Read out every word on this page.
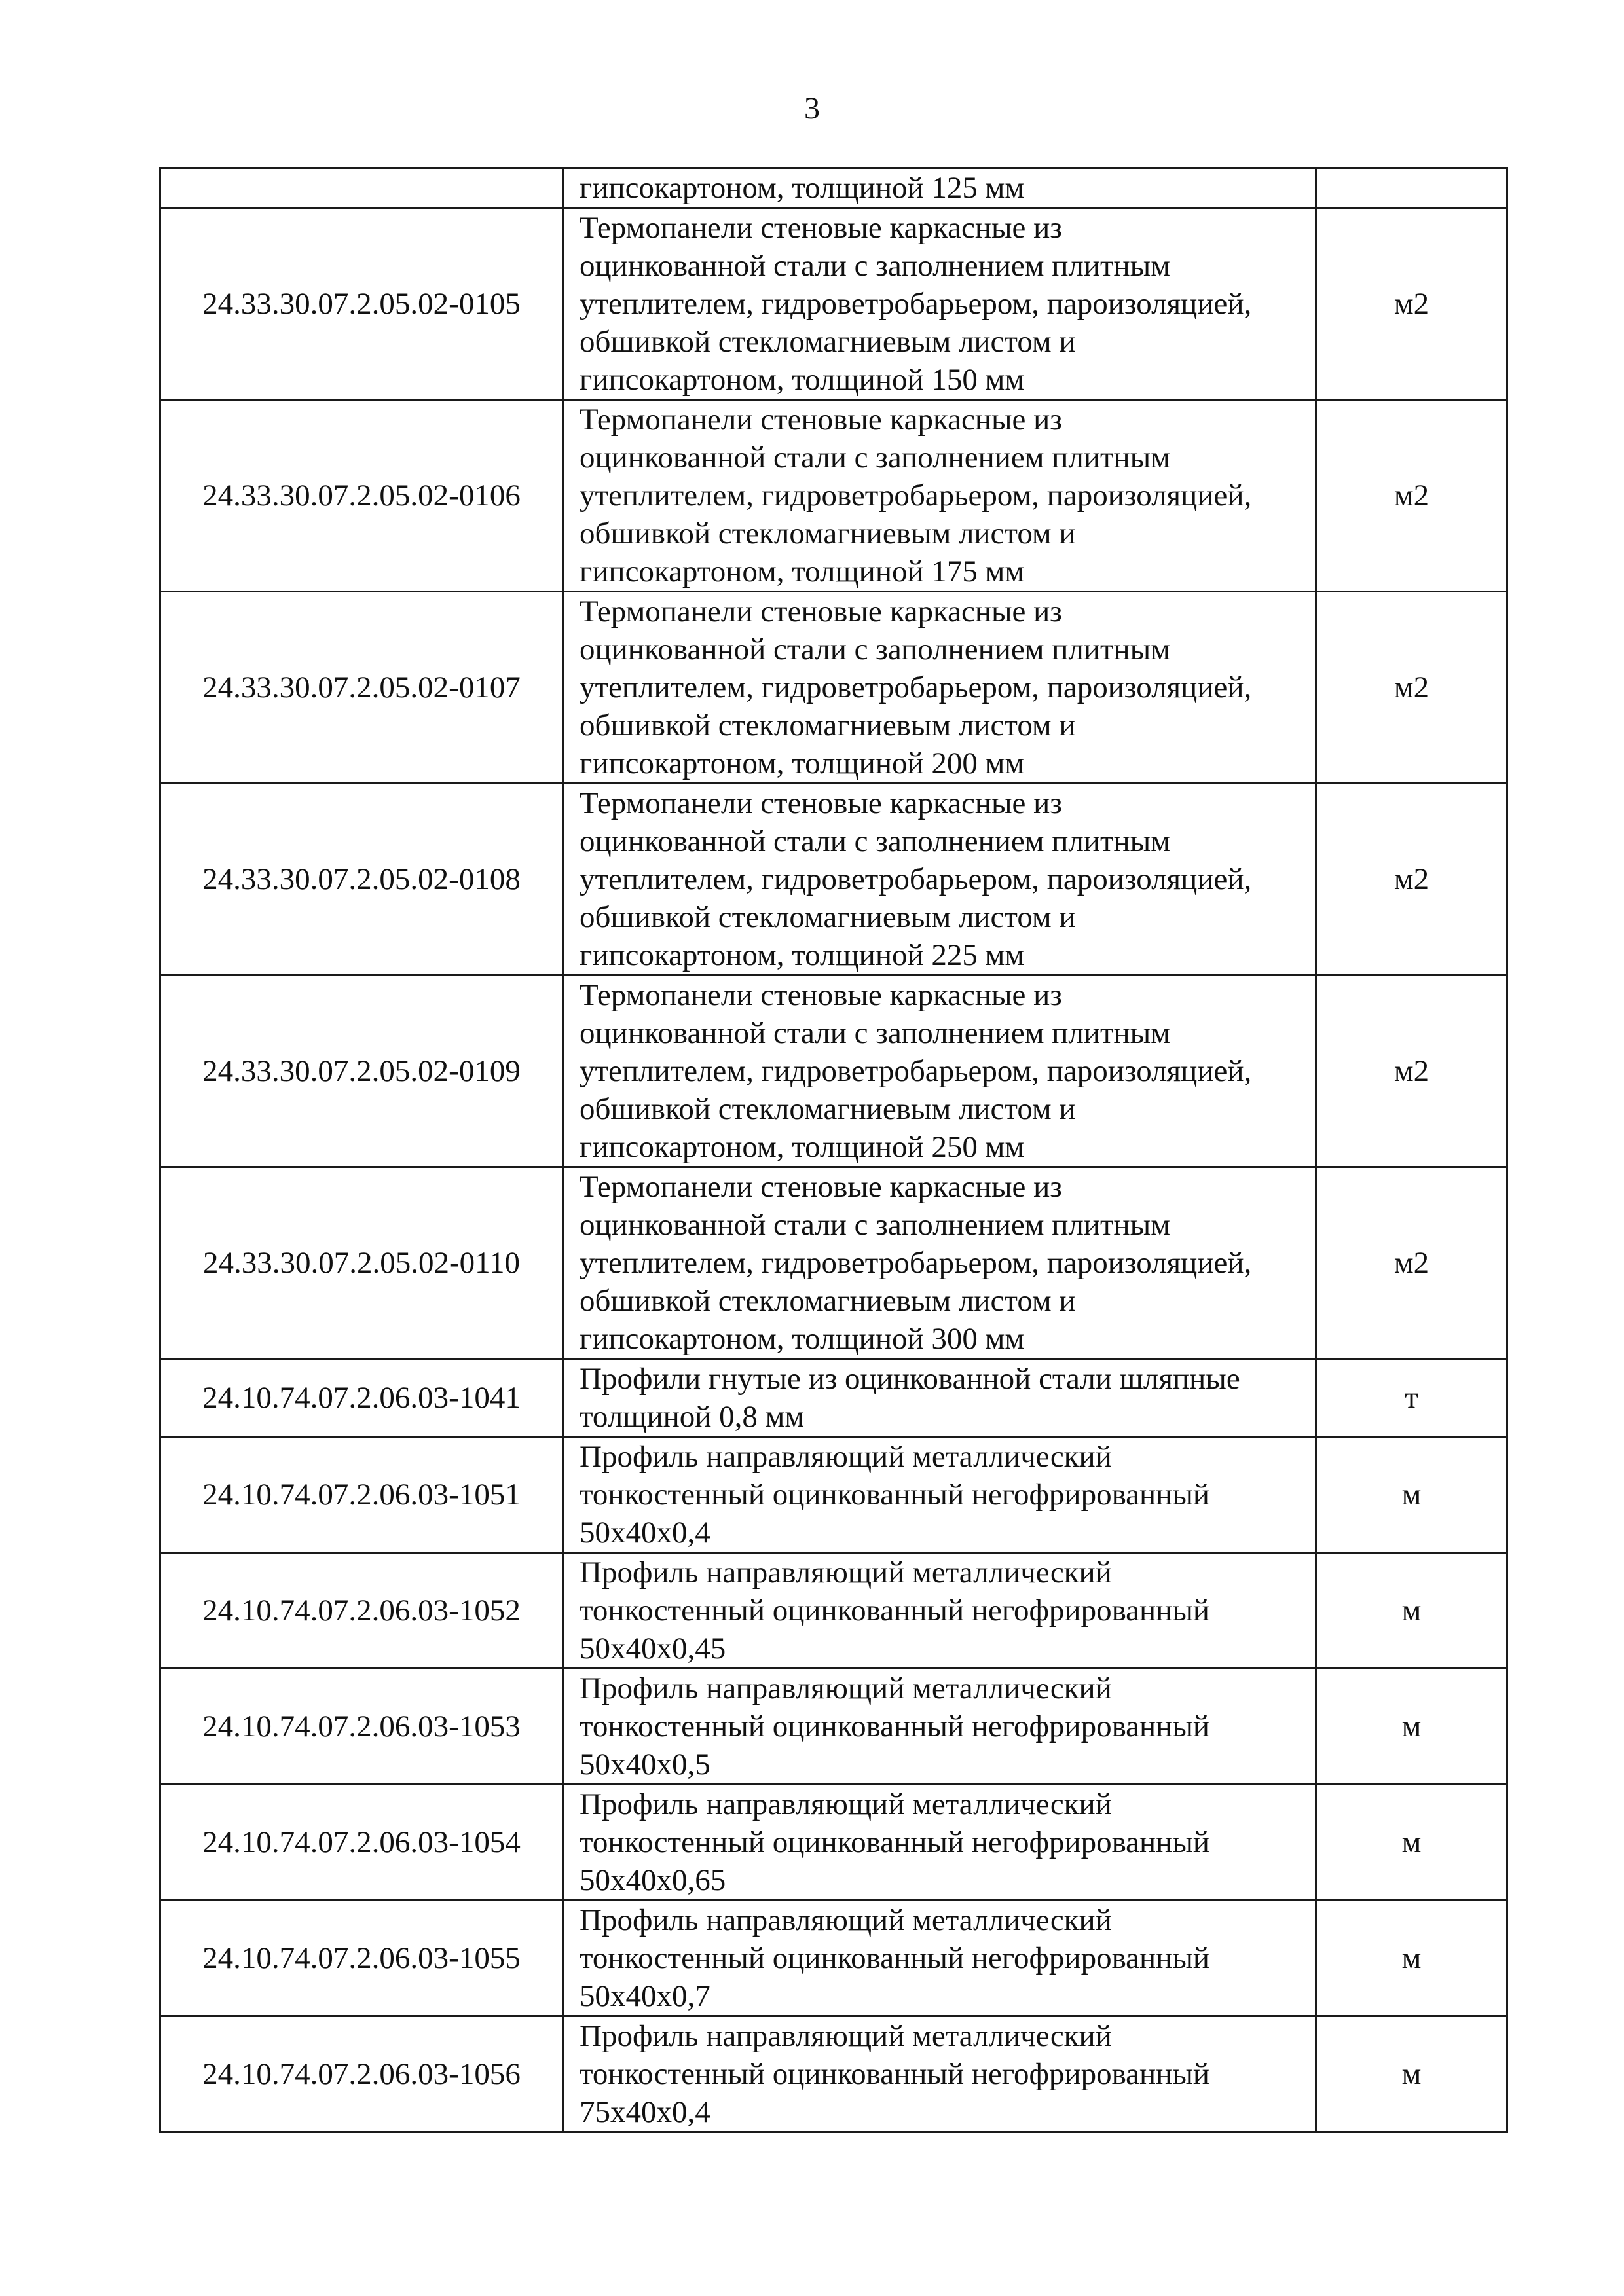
3

	гипсокартоном, толщиной 125 мм	

24.33.30.07.2.05.02-0105	Термопанели стеновые каркасные из
оцинкованной стали с заполнением плитным
утеплителем, гидроветробарьером, пароизоляцией,
обшивкой стекломагниевым листом и
гипсокартоном, толщиной 150 мм	м2
24.33.30.07.2.05.02-0106	Термопанели стеновые каркасные из
оцинкованной стали с заполнением плитным
утеплителем, гидроветробарьером, пароизоляцией,
обшивкой стекломагниевым листом и
гипсокартоном, толщиной 175 мм	м2
24.33.30.07.2.05.02-0107	Термопанели стеновые каркасные из
оцинкованной стали с заполнением плитным
утеплителем, гидроветробарьером, пароизоляцией,
обшивкой стекломагниевым листом и
гипсокартоном, толщиной 200 мм	м2
24.33.30.07.2.05.02-0108	Термопанели стеновые каркасные из
оцинкованной стали с заполнением плитным
утеплителем, гидроветробарьером, пароизоляцией,
обшивкой стекломагниевым листом и
гипсокартоном, толщиной 225 мм	м2
24.33.30.07.2.05.02-0109	Термопанели стеновые каркасные из
оцинкованной стали с заполнением плитным
утеплителем, гидроветробарьером, пароизоляцией,
обшивкой стекломагниевым листом и
гипсокартоном, толщиной 250 мм	м2
24.33.30.07.2.05.02-0110	Термопанели стеновые каркасные из
оцинкованной стали с заполнением плитным
утеплителем, гидроветробарьером, пароизоляцией,
обшивкой стекломагниевым листом и
гипсокартоном, толщиной 300 мм	м2
24.10.74.07.2.06.03-1041	Профили гнутые из оцинкованной стали шляпные
толщиной 0,8 мм	т
24.10.74.07.2.06.03-1051	Профиль направляющий металлический
тонкостенный оцинкованный негофрированный
50x40x0,4	м
24.10.74.07.2.06.03-1052	Профиль направляющий металлический
тонкостенный оцинкованный негофрированный
50x40x0,45	м
24.10.74.07.2.06.03-1053	Профиль направляющий металлический
тонкостенный оцинкованный негофрированный
50x40x0,5	м
24.10.74.07.2.06.03-1054	Профиль направляющий металлический
тонкостенный оцинкованный негофрированный
50x40x0,65	м
24.10.74.07.2.06.03-1055	Профиль направляющий металлический
тонкостенный оцинкованный негофрированный
50x40x0,7	м
24.10.74.07.2.06.03-1056	Профиль направляющий металлический
тонкостенный оцинкованный негофрированный
75x40x0,4	м
